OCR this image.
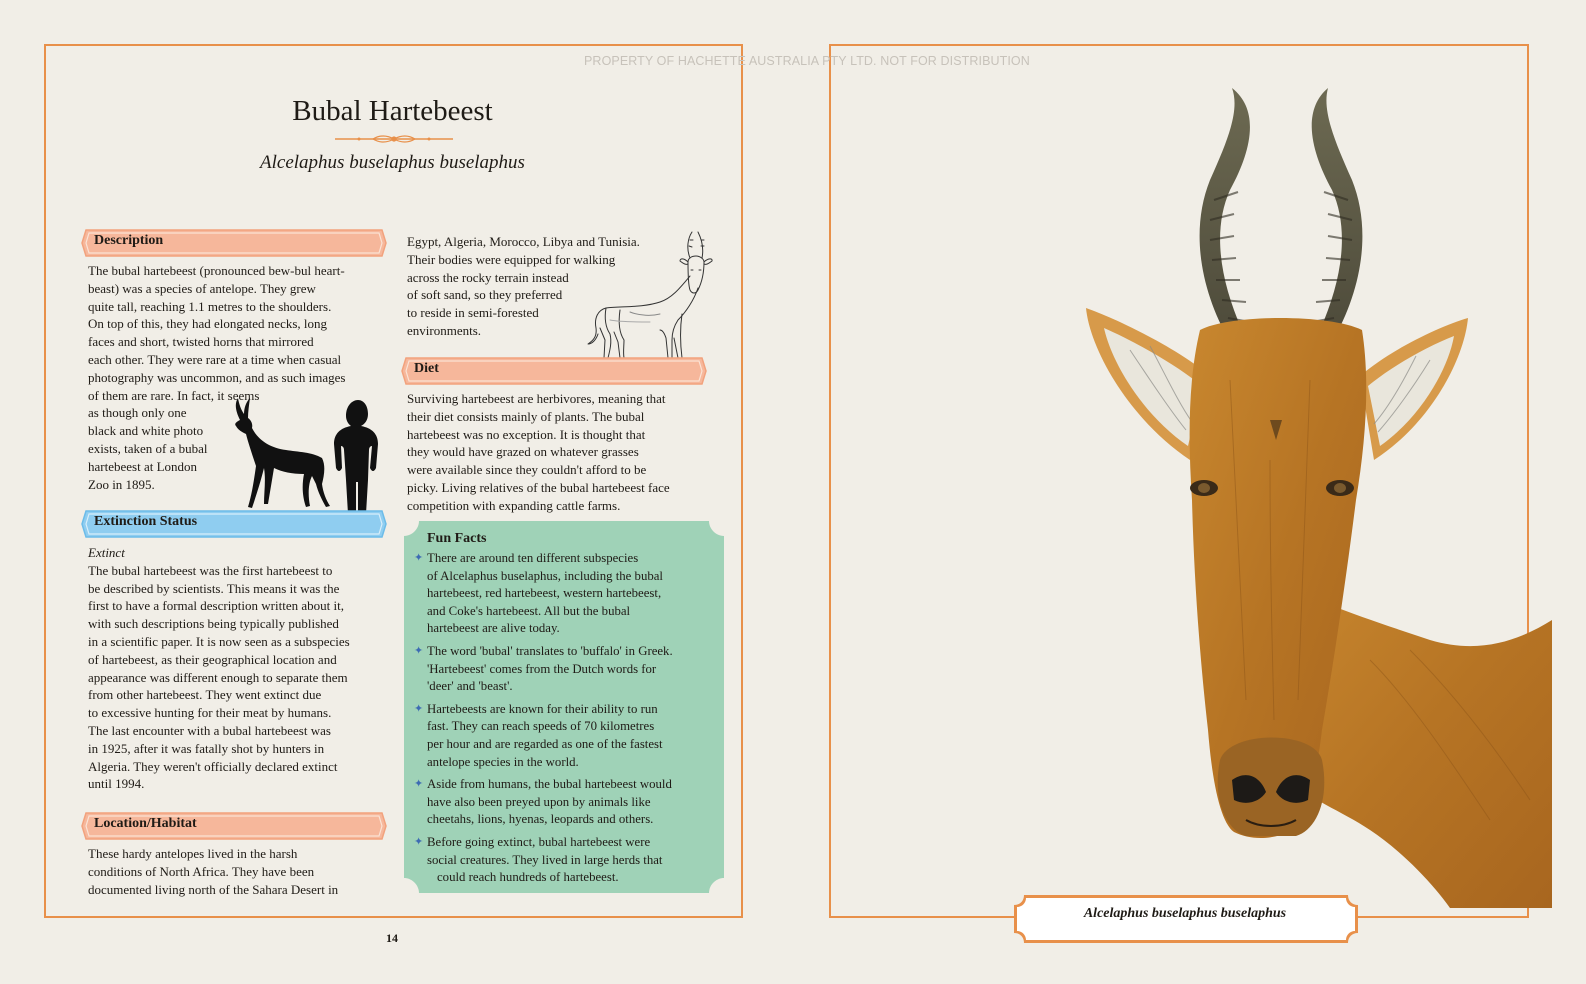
PROPERTY OF HACHETTE AUSTRALIA PTY LTD. NOT FOR DISTRIBUTION
Bubal Hartebeest
Alcelaphus buselaphus buselaphus
Description

The bubal hartebeest (pronounced bew-bul heart-

beast) was a species of antelope. They grew

quite tall, reaching 1.1 metres to the shoulders.

On top of this, they had elongated necks, long

faces and short, twisted horns that mirrored

each other. They were rare at a time when casual

photography was uncommon, and as such images

of them are rare. In fact, it seems

as though only one

black and white photo

exists, taken of a bubal

hartebeest at London

Zoo in 1895.

Extinction Status

Extinct

The bubal hartebeest was the first hartebeest to

be described by scientists. This means it was the

first to have a formal description written about it,

with such descriptions being typically published

in a scientific paper. It is now seen as a subspecies

of hartebeest, as their geographical location and

appearance was different enough to separate them

from other hartebeest. They went extinct due

to excessive hunting for their meat by humans.

The last encounter with a bubal hartebeest was

in 1925, after it was fatally shot by hunters in

Algeria. They weren't officially declared extinct

until 1994.

Location/Habitat

These hardy antelopes lived in the harsh

conditions of North Africa. They have been

documented living north of the Sahara Desert in

Egypt, Algeria, Morocco, Libya and Tunisia.

Their bodies were equipped for walking

across the rocky terrain instead

of soft sand, so they preferred

to reside in semi-forested

environments.

Diet

Surviving hartebeest are herbivores, meaning that

their diet consists mainly of plants. The bubal

hartebeest was no exception. It is thought that

they would have grazed on whatever grasses

were available since they couldn't afford to be

picky. Living relatives of the bubal hartebeest face

competition with expanding cattle farms.

Fun Facts
✦ There are around ten different subspecies
of Alcelaphus buselaphus, including the bubal
hartebeest, red hartebeest, western hartebeest,
and Coke's hartebeest. All but the bubal
hartebeest are alive today.
✦ The word 'bubal' translates to 'buffalo' in Greek.
'Hartebeest' comes from the Dutch words for
'deer' and 'beast'.
✦ Hartebeests are known for their ability to run
fast. They can reach speeds of 70 kilometres
per hour and are regarded as one of the fastest
antelope species in the world.
✦ Aside from humans, the bubal hartebeest would
have also been preyed upon by animals like
cheetahs, lions, hyenas, leopards and others.
✦ Before going extinct, bubal hartebeest were
social creatures. They lived in large herds that
could reach hundreds of hartebeest.
14
Alcelaphus buselaphus buselaphus
